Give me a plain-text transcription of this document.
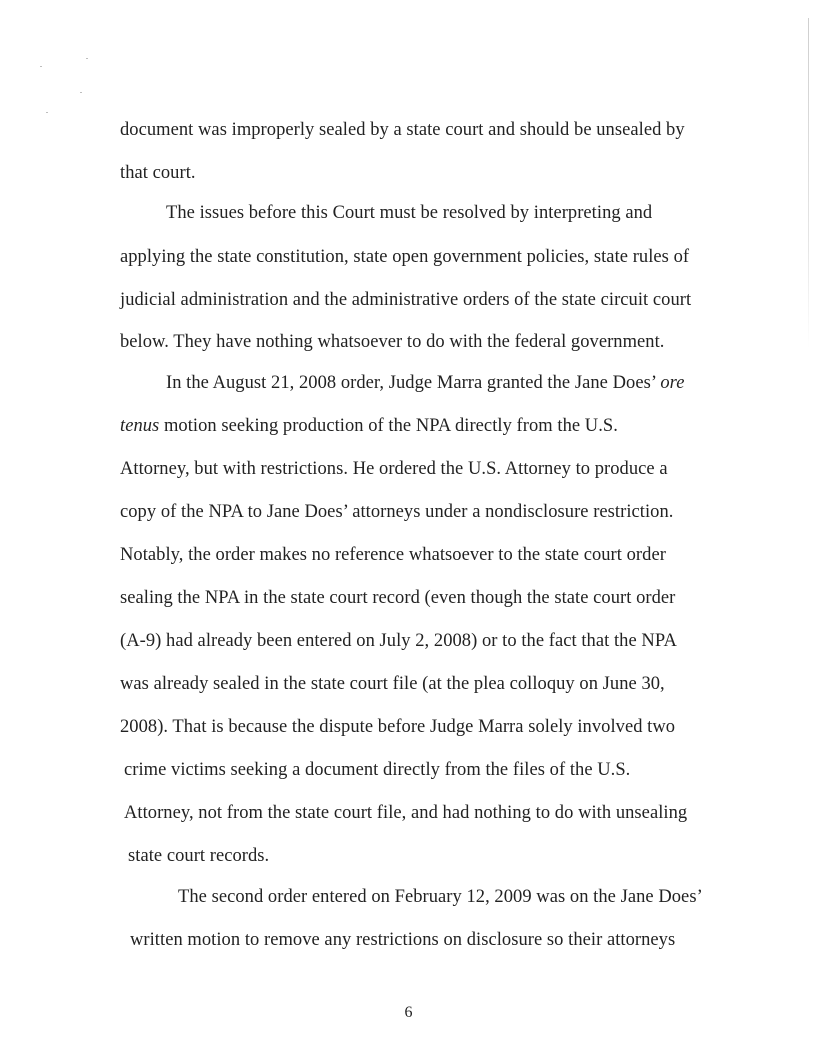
document was improperly sealed by a state court and should be unsealed by
that court.
The issues before this Court must be resolved by interpreting and
applying the state constitution, state open government policies, state rules of
judicial administration and the administrative orders of the state circuit court
below. They have nothing whatsoever to do with the federal government.
In the August 21, 2008 order, Judge Marra granted the Jane Does’ ore
tenus motion seeking production of the NPA directly from the U.S.
Attorney, but with restrictions. He ordered the U.S. Attorney to produce a
copy of the NPA to Jane Does’ attorneys under a nondisclosure restriction.
Notably, the order makes no reference whatsoever to the state court order
sealing the NPA in the state court record (even though the state court order
(A-9) had already been entered on July 2, 2008) or to the fact that the NPA
was already sealed in the state court file (at the plea colloquy on June 30,
2008). That is because the dispute before Judge Marra solely involved two
crime victims seeking a document directly from the files of the U.S.
Attorney, not from the state court file, and had nothing to do with unsealing
state court records.
The second order entered on February 12, 2009 was on the Jane Does’
written motion to remove any restrictions on disclosure so their attorneys
6
